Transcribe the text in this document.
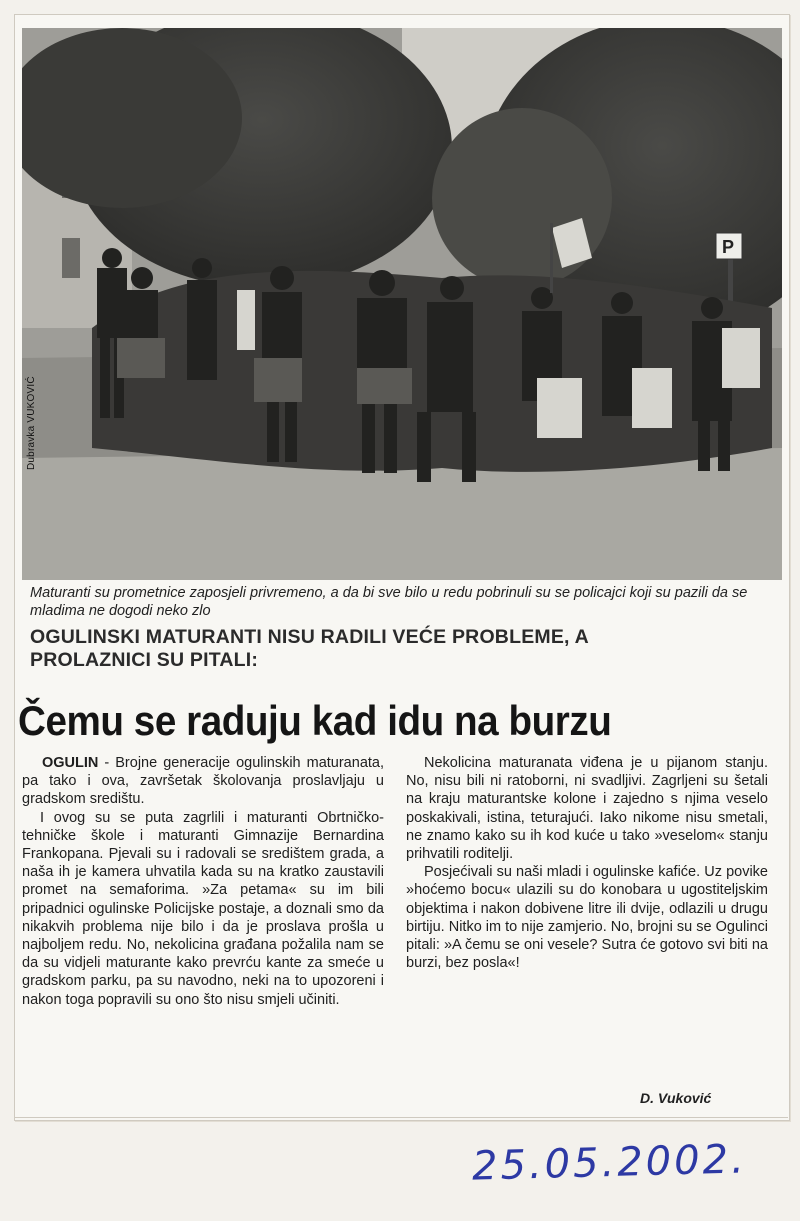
P
Dubravka VUKOVIĆ
Maturanti su prometnice zaposjeli privremeno, a da bi sve bilo u redu pobrinuli su se policajci koji su pazili da se mladima ne dogodi neko zlo
OGULINSKI MATURANTI NISU RADILI VEĆE PROBLEME, A PROLAZNICI SU PITALI:
Čemu se raduju kad idu na burzu

OGULIN - Brojne generacije ogulinskih maturanata, pa tako i ova, završetak školovanja proslavljaju u gradskom središtu.

I ovog su se puta zagrlili i maturanti Obrtničko-tehničke škole i maturanti Gimnazije Bernardina Frankopana. Pjevali su i radovali se središtem grada, a naša ih je kamera uhvatila kada su na kratko zaustavili promet na semaforima. »Za petama« su im bili pripadnici ogulinske Policijske postaje, a doznali smo da nikakvih problema nije bilo i da je proslava prošla u najboljem redu. No, nekolicina građana požalila nam se da su vidjeli maturante kako prevrću kante za smeće u gradskom parku, pa su navodno, neki na to upozoreni i nakon toga popravili su ono što nisu smjeli učiniti.

Nekolicina maturanata viđena je u pijanom stanju. No, nisu bili ni ratoborni, ni svadljivi. Zagrljeni su šetali na kraju maturantske kolone i zajedno s njima veselo poskakivali, istina, teturajući. Iako nikome nisu smetali, ne znamo kako su ih kod kuće u tako »veselom« stanju prihvatili roditelji.

Posjećivali su naši mladi i ogulinske kafiće. Uz povike »hoćemo bocu« ulazili su do konobara u ugostiteljskim objektima i nakon dobivene litre ili dvije, odlazili u drugu birtiju. Nitko im to nije zamjerio. No, brojni su se Ogulinci pitali: »A čemu se oni vesele? Sutra će gotovo svi biti na burzi, bez posla«!

D. Vuković
25.05.2002.
